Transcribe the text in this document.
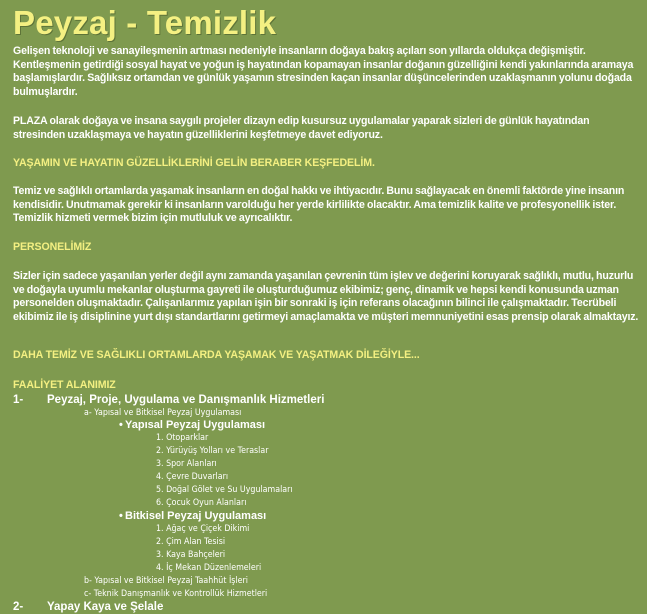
Peyzaj - Temizlik
Gelişen teknoloji ve sanayileşmenin artması nedeniyle insanların doğaya bakış açıları son yıllarda oldukça değişmiştir. Kentleşmenin getirdiği sosyal hayat ve yoğun iş hayatından kopamayan insanlar doğanın güzelliğini kendi yakınlarında aramaya başlamışlardır. Sağlıksız ortamdan ve günlük yaşamın stresinden kaçan insanlar düşüncelerinden uzaklaşmanın yolunu doğada bulmuşlardır.
PLAZA olarak doğaya ve insana saygılı projeler dizayn edip kusursuz uygulamalar yaparak sizleri de günlük hayatından stresinden uzaklaşmaya ve hayatın güzelliklerini keşfetmeye davet ediyoruz.
YAŞAMIN VE HAYATIN GÜZELLİKLERİNİ GELİN BERABER KEŞFEDELİM.
Temiz ve sağlıklı ortamlarda yaşamak insanların en doğal hakkı ve ihtiyacıdır. Bunu sağlayacak en önemli faktörde yine insanın kendisidir. Unutmamak gerekir ki insanların varolduğu her yerde kirlilikte olacaktır. Ama temizlik kalite ve profesyonellik ister. Temizlik hizmeti vermek bizim için mutluluk ve ayrıcalıktır.
PERSONELİMİZ
Sizler için sadece yaşanılan yerler değil aynı zamanda yaşanılan çevrenin tüm işlev ve değerini koruyarak sağlıklı, mutlu, huzurlu ve doğayla uyumlu mekanlar oluşturma gayreti ile oluşturduğumuz ekibimiz; genç, dinamik ve hepsi kendi konusunda uzman personelden oluşmaktadır. Çalışanlarımız yapılan işin bir sonraki iş için referans olacağının bilinci ile çalışmaktadır. Tecrübeli ekibimiz ile iş disiplinine yurt dışı standartlarını getirmeyi amaçlamakta ve müşteri memnuniyetini esas prensip olarak almaktayız.
DAHA TEMİZ VE SAĞLIKLI ORTAMLARDA YAŞAMAK VE YAŞATMAK DİLEĞİYLE...
FAALİYET ALANIMIZ
1- Peyzaj, Proje, Uygulama ve Danışmanlık Hizmetleri
a- Yapısal ve Bitkisel Peyzaj Uygulaması
• Yapısal Peyzaj Uygulaması
1. Otoparklar
2. Yürüyüş Yolları ve Teraslar
3. Spor Alanları
4. Çevre Duvarları
5. Doğal Gölet ve Su Uygulamaları
6. Çocuk Oyun Alanları
• Bitkisel Peyzaj Uygulaması
1. Ağaç ve Çiçek Dikimi
2. Çim Alan Tesisi
3. Kaya Bahçeleri
4. İç Mekan Düzenlemeleri
b- Yapısal ve Bitkisel Peyzaj Taahhüt İşleri
c- Teknik Danışmanlık ve Kontrollük Hizmetleri
2- Yapay Kaya ve Şelale
